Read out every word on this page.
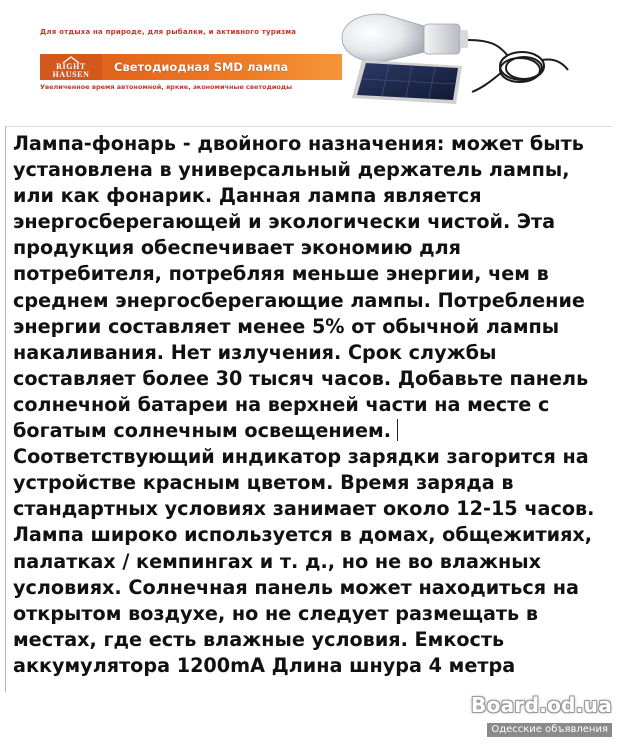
Для отдыха на природе, для рыбалки, и активного туризма
RIGHT
HAUSEN
Светодиодная SMD лампа
Увеличенное время автономной, яркие, экономичные светодиоды
Лампа-фонарь - двойного назначения: может быть
установлена в универсальный держатель лампы,
или как фонарик. Данная лампа является
энергосберегающей и экологически чистой. Эта
продукция обеспечивает экономию для
потребителя, потребляя меньше энергии, чем в
среднем энергосберегающие лампы. Потребление
энергии составляет менее 5% от обычной лампы
накаливания. Нет излучения. Срок службы
составляет более 30 тысяч часов. Добавьте панель
солнечной батареи на верхней части на месте с
богатым солнечным освещением.
Соответствующий индикатор зарядки загорится на
устройстве красным цветом. Время заряда в
стандартных условиях занимает около 12-15 часов.
Лампа широко используется в домах, общежитиях,
палатках / кемпингах и т. д., но не во влажных
условиях. Солнечная панель может находиться на
открытом воздухе, но не следует размещать в
местах, где есть влажные условия. Емкость
аккумулятора 1200mA Длина шнура 4 метра
Board.od.ua
Одесские объявления
